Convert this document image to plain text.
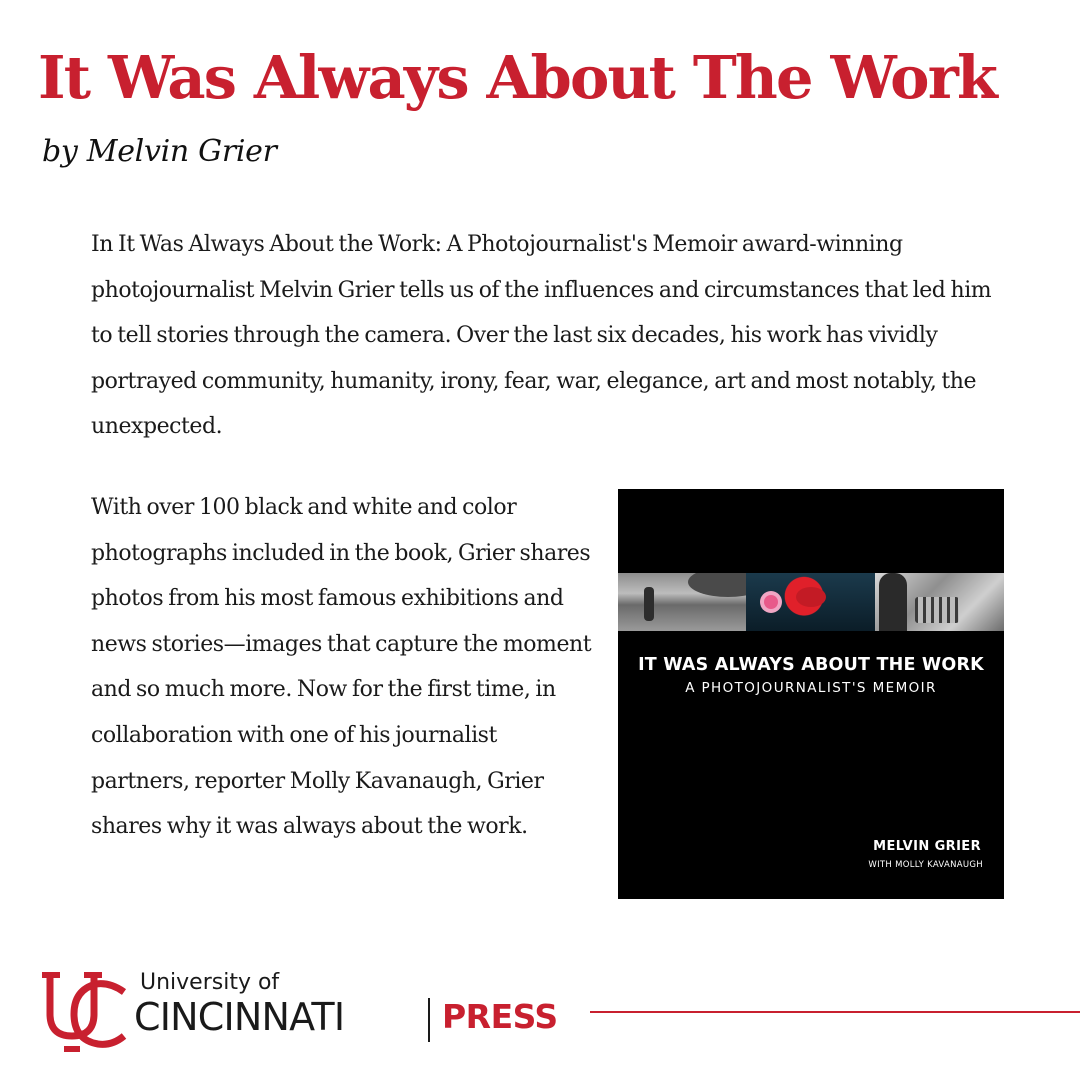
It Was Always About The Work

by Melvin Grier

In It Was Always About the Work: A Photojournalist's Memoir award-winning photojournalist Melvin Grier tells us of the influences and circumstances that led him to tell stories through the camera. Over the last six decades, his work has vividly portrayed community, humanity, irony, fear, war, elegance, art and most notably, the unexpected.

With over 100 black and white and color photographs included in the book, Grier shares photos from his most famous exhibitions and news stories—images that capture the moment and so much more. Now for the first time, in collaboration with one of his journalist partners, reporter Molly Kavanaugh, Grier shares why it was always about the work.

IT WAS ALWAYS ABOUT THE WORK

A PHOTOJOURNALIST'S MEMOIR

MELVIN GRIER

WITH MOLLY KAVANAUGH

University of

CINCINNATI	PRESS
